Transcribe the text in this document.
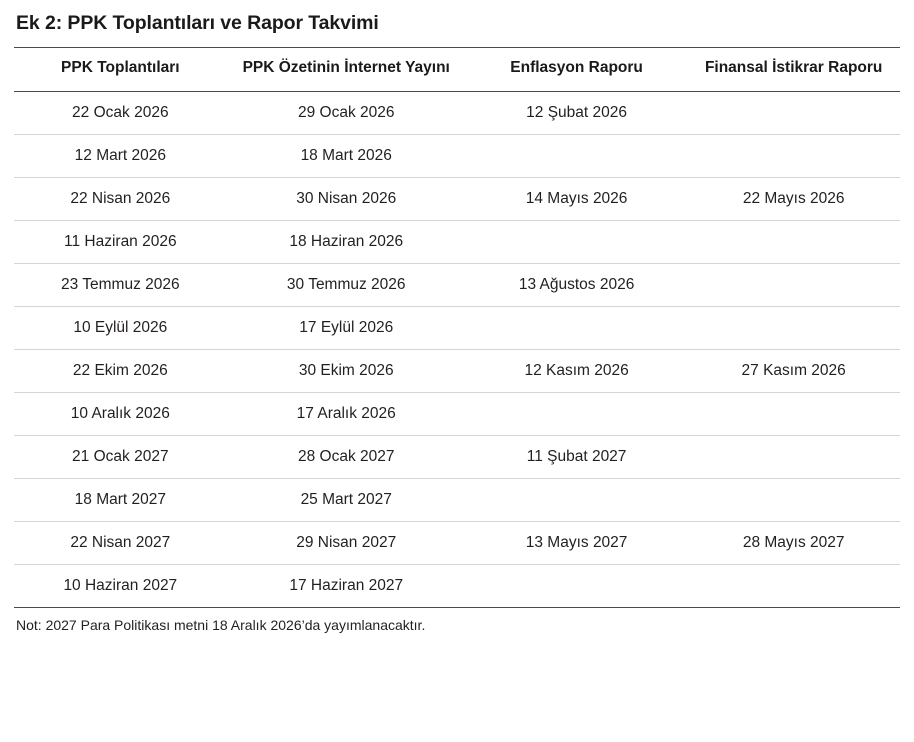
Ek 2: PPK Toplantıları ve Rapor Takvimi
PPK Toplantıları	PPK Özetinin İnternet Yayını	Enflasyon Raporu	Finansal İstikrar Raporu
22 Ocak 2026	29 Ocak 2026	12 Şubat 2026	
12 Mart 2026	18 Mart 2026		
22 Nisan 2026	30 Nisan 2026	14 Mayıs 2026	22 Mayıs 2026
11 Haziran 2026	18 Haziran 2026		
23 Temmuz 2026	30 Temmuz 2026	13 Ağustos 2026	
10 Eylül 2026	17 Eylül 2026		
22 Ekim 2026	30 Ekim 2026	12 Kasım 2026	27 Kasım 2026
10 Aralık 2026	17 Aralık 2026		
21 Ocak 2027	28 Ocak 2027	11 Şubat 2027	
18 Mart 2027	25 Mart 2027		
22 Nisan 2027	29 Nisan 2027	13 Mayıs 2027	28 Mayıs 2027
10 Haziran 2027	17 Haziran 2027		
Not: 2027 Para Politikası metni 18 Aralık 2026’da yayımlanacaktır.
